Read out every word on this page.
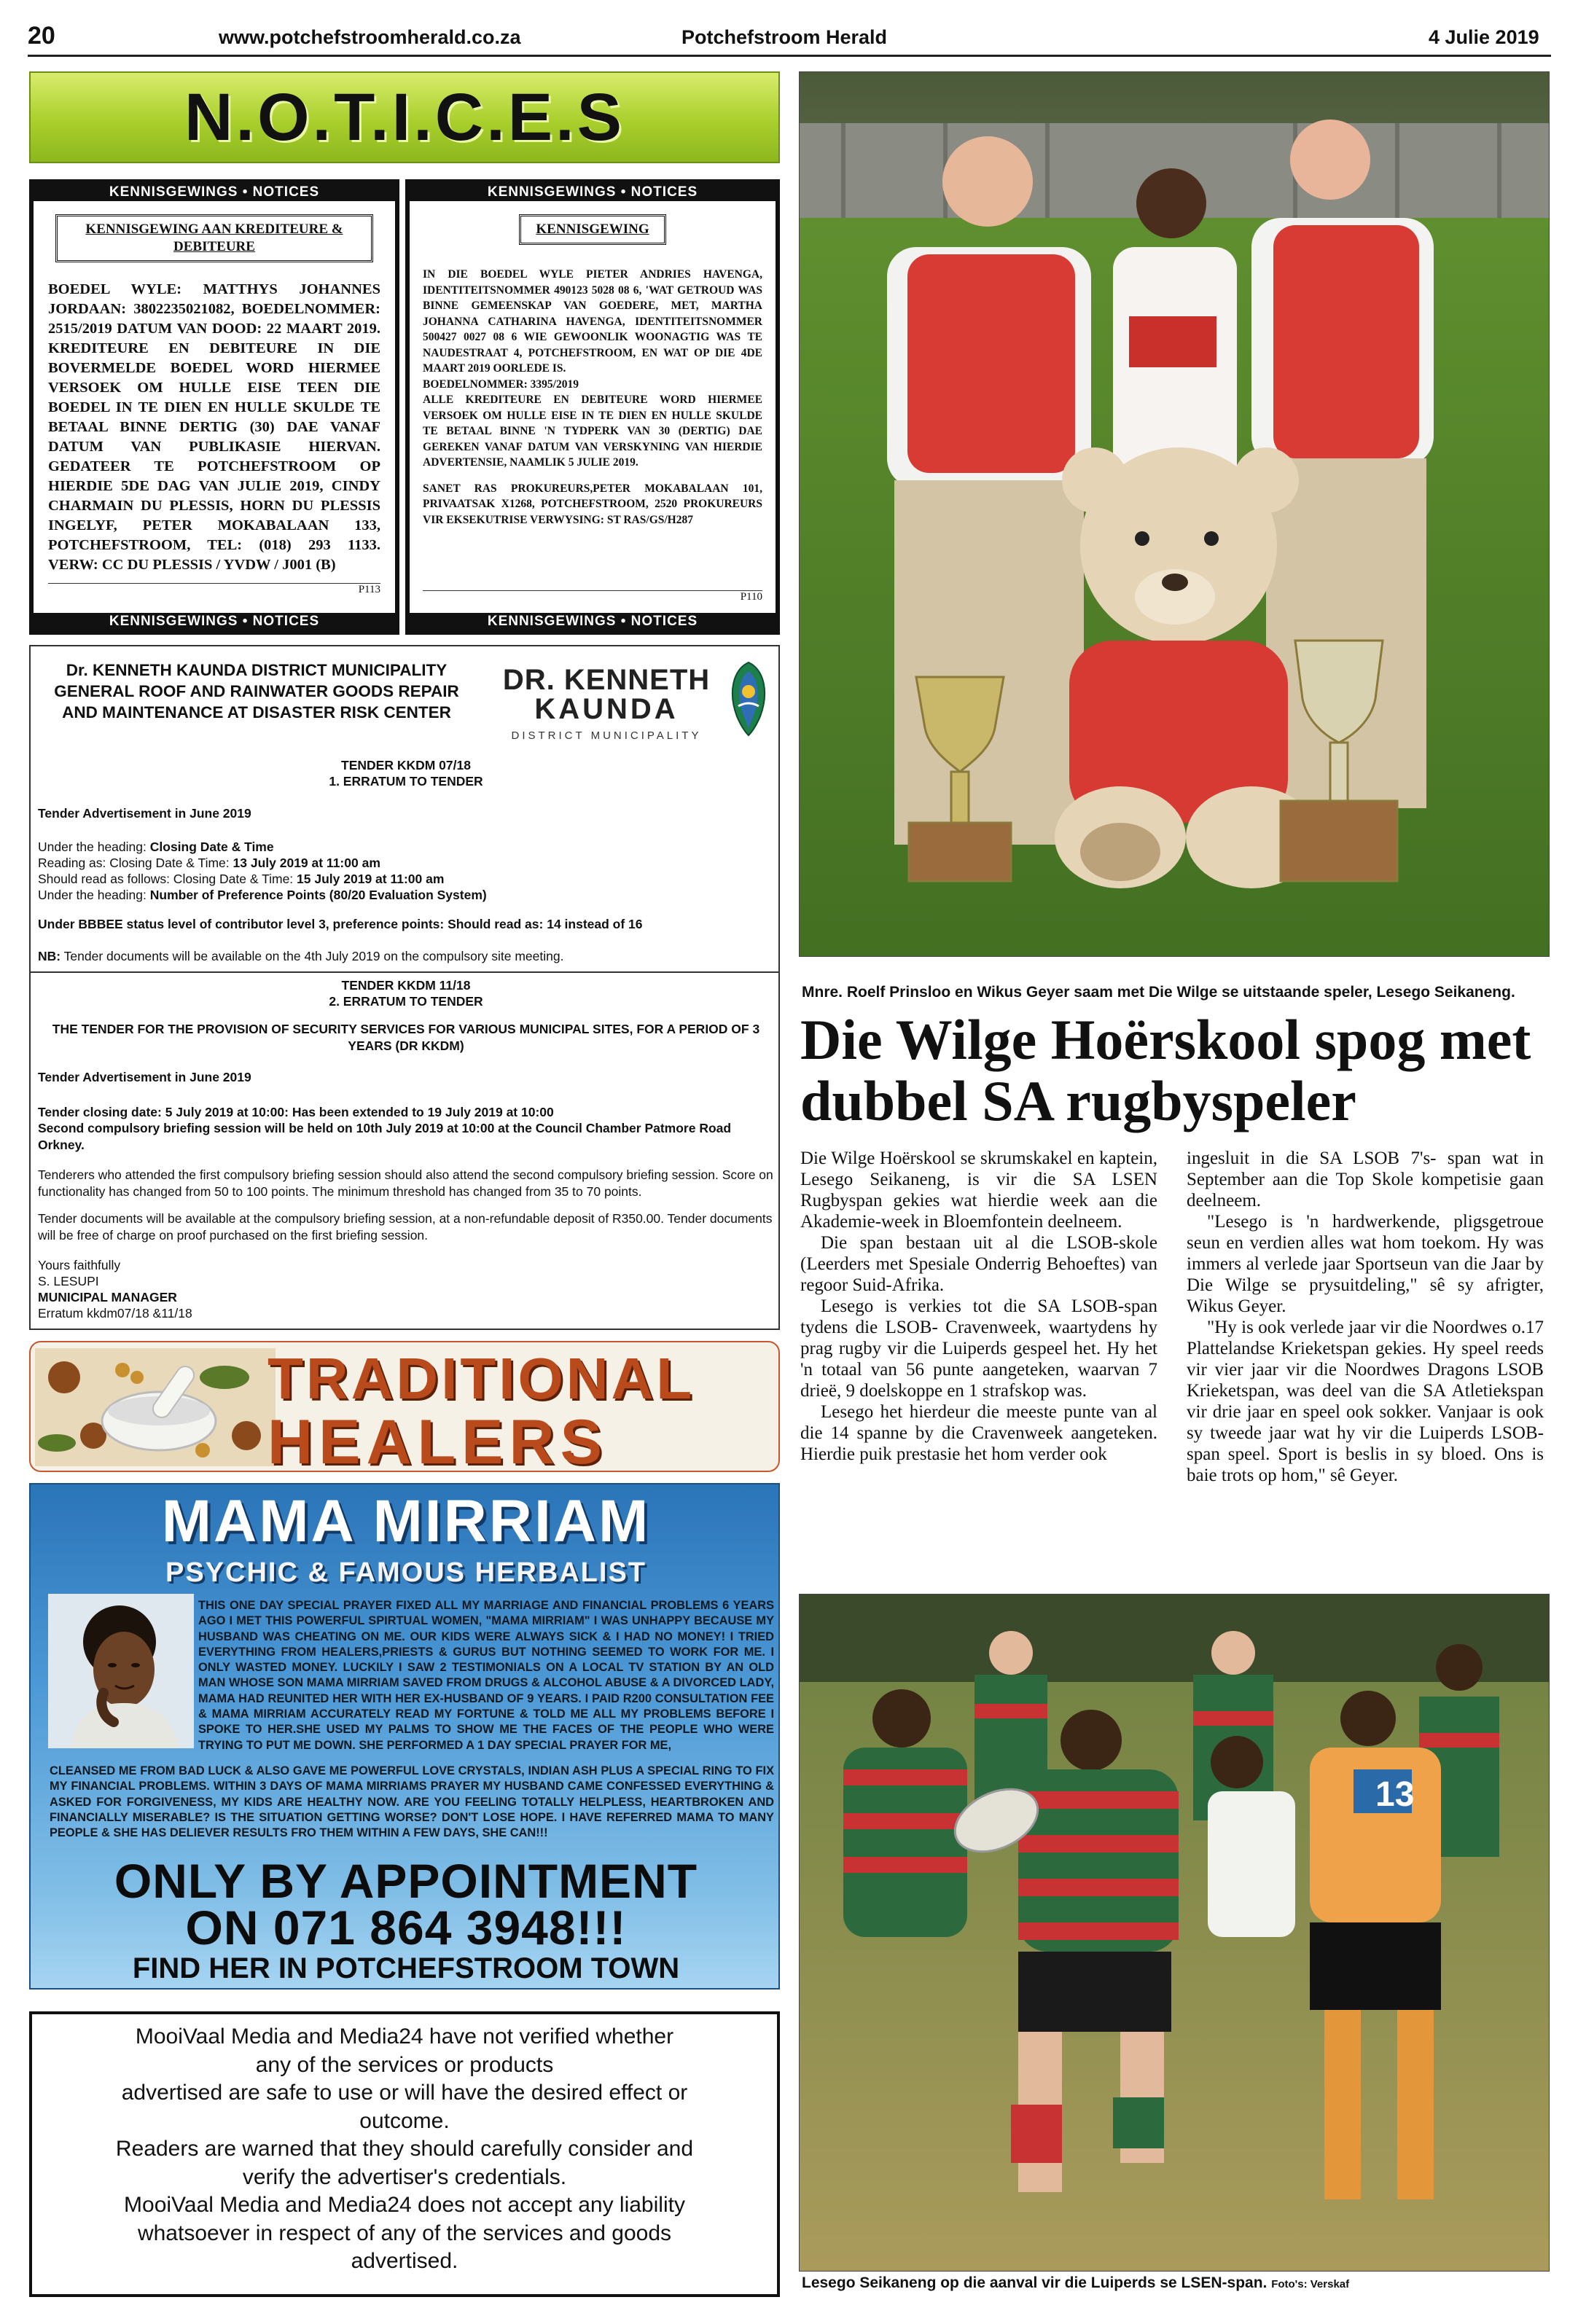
20	www.potchefstroomherald.co.za	Potchefstroom Herald	4 Julie 2019
N.O.T.I.C.E.S
KENNISGEWINGS • NOTICES
KENNISGEWING AAN KREDITEURE & DEBITEURE
BOEDEL WYLE: MATTHYS JOHANNES JORDAAN: 3802235021082, BOEDELNOMMER: 2515/2019 DATUM VAN DOOD: 22 MAART 2019. KREDITEURE EN DEBITEURE IN DIE BOVERMELDE BOEDEL WORD HIERMEE VERSOEK OM HULLE EISE TEEN DIE BOEDEL IN TE DIEN EN HULLE SKULDE TE BETAAL BINNE DERTIG (30) DAE VANAF DATUM VAN PUBLIKASIE HIERVAN. GEDATEER TE POTCHEFSTROOM OP HIERDIE 5DE DAG VAN JULIE 2019, CINDY CHARMAIN DU PLESSIS, HORN DU PLESSIS INGELYF, PETER MOKABALAAN 133, POTCHEFSTROOM, TEL: (018) 293 1133. VERW: CC DU PLESSIS / YVDW / J001 (B)
P113
KENNISGEWINGS • NOTICES
KENNISGEWINGS • NOTICES
KENNISGEWING
IN DIE BOEDEL WYLE PIETER ANDRIES HAVENGA, IDENTITEITSNOMMER 490123 5028 08 6, 'WAT GETROUD WAS BINNE GEMEENSKAP VAN GOEDERE, MET, MARTHA JOHANNA CATHARINA HAVENGA, IDENTITEITSNOMMER 500427 0027 08 6 WIE GEWOONLIK WOONAGTIG WAS TE NAUDESTRAAT 4, POTCHEFSTROOM, EN WAT OP DIE 4DE MAART 2019 OORLEDE IS.
BOEDELNOMMER: 3395/2019
ALLE KREDITEURE EN DEBITEURE WORD HIERMEE VERSOEK OM HULLE EISE IN TE DIEN EN HULLE SKULDE TE BETAAL BINNE 'N TYDPERK VAN 30 (DERTIG) DAE GEREKEN VANAF DATUM VAN VERSKYNING VAN HIERDIE ADVERTENSIE, NAAMLIK 5 JULIE 2019.
SANET RAS PROKUREURS,PETER MOKABALAAN 101, PRIVAATSAK X1268, POTCHEFSTROOM, 2520 PROKUREURS VIR EKSEKUTRISE VERWYSING: ST RAS/GS/H287
P110
KENNISGEWINGS • NOTICES
Dr. KENNETH KAUNDA DISTRICT MUNICIPALITY GENERAL ROOF AND RAINWATER GOODS REPAIR AND MAINTENANCE AT DISASTER RISK CENTER
DR. KENNETH
KAUNDA
DISTRICT MUNICIPALITY
TENDER KKDM 07/18
1. ERRATUM TO TENDER
Tender Advertisement in June 2019
Under the heading: Closing Date & Time
Reading as: Closing Date & Time: 13 July 2019 at 11:00 am
Should read as follows: Closing Date & Time: 15 July 2019 at 11:00 am
Under the heading: Number of Preference Points (80/20 Evaluation System)
Under BBBEE status level of contributor level 3, preference points: Should read as: 14 instead of 16
NB: Tender documents will be available on the 4th July 2019 on the compulsory site meeting.
TENDER KKDM 11/18
2. ERRATUM TO TENDER
THE TENDER FOR THE PROVISION OF SECURITY SERVICES FOR VARIOUS MUNICIPAL SITES, FOR A PERIOD OF 3 YEARS (DR KKDM)
Tender Advertisement in June 2019
Tender closing date: 5 July 2019 at 10:00: Has been extended to 19 July 2019 at 10:00
Second compulsory briefing session will be held on 10th July 2019 at 10:00 at the Council Chamber Patmore Road Orkney.
Tenderers who attended the first compulsory briefing session should also attend the second compulsory briefing session. Score on functionality has changed from 50 to 100 points. The minimum threshold has changed from 35 to 70 points.
Tender documents will be available at the compulsory briefing session, at a non-refundable deposit of R350.00. Tender documents will be free of charge on proof purchased on the first briefing session.
Yours faithfully
S. LESUPI
MUNICIPAL MANAGER
Erratum kkdm07/18 &11/18
TRADITIONAL
HEALERS
MAMA MIRRIAM
PSYCHIC & FAMOUS HERBALIST
THIS ONE DAY SPECIAL PRAYER FIXED ALL MY MARRIAGE AND FINANCIAL PROBLEMS 6 YEARS AGO I MET THIS POWERFUL SPIRTUAL WOMEN, "MAMA MIRRIAM" I WAS UNHAPPY BECAUSE MY HUSBAND WAS CHEATING ON ME. OUR KIDS WERE ALWAYS SICK & I HAD NO MONEY! I TRIED EVERYTHING FROM HEALERS,PRIESTS & GURUS BUT NOTHING SEEMED TO WORK FOR ME. I ONLY WASTED MONEY. LUCKILY I SAW 2 TESTIMONIALS ON A LOCAL TV STATION BY AN OLD MAN WHOSE SON MAMA MIRRIAM SAVED FROM DRUGS & ALCOHOL ABUSE & A DIVORCED LADY, MAMA HAD REUNITED HER WITH HER EX-HUSBAND OF 9 YEARS. I PAID R200 CONSULTATION FEE & MAMA MIRRIAM ACCURATELY READ MY FORTUNE & TOLD ME ALL MY PROBLEMS BEFORE I SPOKE TO HER.SHE USED MY PALMS TO SHOW ME THE FACES OF THE PEOPLE WHO WERE TRYING TO PUT ME DOWN. SHE PERFORMED A 1 DAY SPECIAL PRAYER FOR ME,
CLEANSED ME FROM BAD LUCK & ALSO GAVE ME POWERFUL LOVE CRYSTALS, INDIAN ASH PLUS A SPECIAL RING TO FIX MY FINANCIAL PROBLEMS. WITHIN 3 DAYS OF MAMA MIRRIAMS PRAYER MY HUSBAND CAME CONFESSED EVERYTHING & ASKED FOR FORGIVENESS, MY KIDS ARE HEALTHY NOW. ARE YOU FEELING TOTALLY HELPLESS, HEARTBROKEN AND FINANCIALLY MISERABLE? IS THE SITUATION GETTING WORSE? DON'T LOSE HOPE. I HAVE REFERRED MAMA TO MANY PEOPLE & SHE HAS DELIEVER RESULTS FRO THEM WITHIN A FEW DAYS, SHE CAN!!!
ONLY BY APPOINTMENT
ON 071 864 3948!!!
FIND HER IN POTCHEFSTROOM TOWN
MooiVaal Media and Media24 have not verified whether
any of the services or products
advertised are safe to use or will have the desired effect or
outcome.
Readers are warned that they should carefully consider and
verify the advertiser's credentials.
MooiVaal Media and Media24 does not accept any liability
whatsoever in respect of any of the services and goods
advertised.
Mnre. Roelf Prinsloo en Wikus Geyer saam met Die Wilge se uitstaande speler, Lesego Seikaneng.
Die Wilge Hoërskool spog met dubbel SA rugbyspeler

Die Wilge Hoërskool se skrumskakel en kaptein, Lesego Seikaneng, is vir die SA LSEN Rugbyspan gekies wat hierdie week aan die Akademie-week in Bloemfontein deelneem.

Die span bestaan uit al die LSOB-skole (Leerders met Spesiale Onderrig Behoeftes) van regoor Suid-Afrika.

Lesego is verkies tot die SA LSOB-span tydens die LSOB- Cravenweek, waartydens hy prag rugby vir die Luiperds gespeel het. Hy het 'n totaal van 56 punte aangeteken, waarvan 7 drieë, 9 doelskoppe en 1 strafskop was.

Lesego het hierdeur die meeste punte van al die 14 spanne by die Cravenweek aangeteken. Hierdie puik prestasie het hom verder ook

ingesluit in die SA LSOB 7's- span wat in September aan die Top Skole kompetisie gaan deelneem.

"Lesego is 'n hardwerkende, pligsgetroue seun en verdien alles wat hom toekom. Hy was immers al verlede jaar Sportseun van die Jaar by Die Wilge se prysuitdeling," sê sy afrigter, Wikus Geyer.

"Hy is ook verlede jaar vir die Noordwes o.17 Plattelandse Krieketspan gekies. Hy speel reeds vir vier jaar vir die Noordwes Dragons LSOB Krieketspan, was deel van die SA Atletiekspan vir drie jaar en speel ook sokker. Vanjaar is ook sy tweede jaar wat hy vir die Luiperds LSOB-span speel. Sport is beslis in sy bloed. Ons is baie trots op hom," sê Geyer.

13
Lesego Seikaneng op die aanval vir die Luiperds se LSEN-span. Foto's: Verskaf
